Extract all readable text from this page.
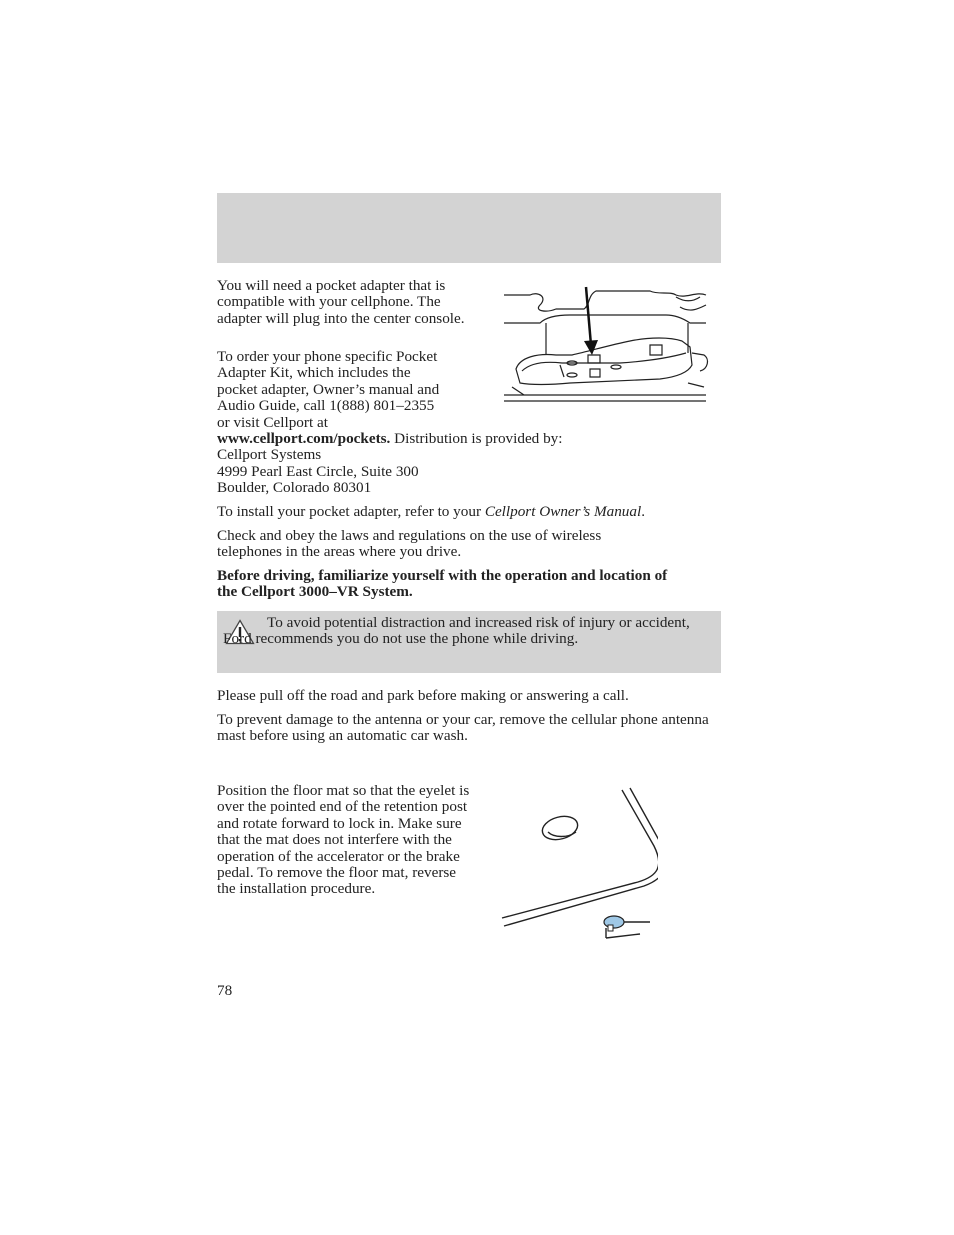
You will need a pocket adapter that is compatible with your cellphone. The adapter will plug into the center console.

To order your phone specific Pocket

Adapter Kit, which includes the

pocket adapter, Owner’s manual and

Audio Guide, call 1(888) 801–2355

or visit Cellport at

www.cellport.com/pockets. Distribution is provided by:

Cellport Systems

4999 Pearl East Circle, Suite 300

Boulder, Colorado 80301

To install your pocket adapter, refer to your Cellport Owner’s Manual.

Check and obey the laws and regulations on the use of wireless telephones in the areas where you drive.

Before driving, familiarize yourself with the operation and location of the Cellport 3000–VR System.

To avoid potential distraction and increased risk of injury or accident, Ford recommends you do not use the phone while driving.

Please pull off the road and park before making or answering a call.

To prevent damage to the antenna or your car, remove the cellular phone antenna mast before using an automatic car wash.

Position the floor mat so that the eyelet is over the pointed end of the retention post and rotate forward to lock in. Make sure that the mat does not interfere with the operation of the accelerator or the brake pedal. To remove the floor mat, reverse the installation procedure.

78
